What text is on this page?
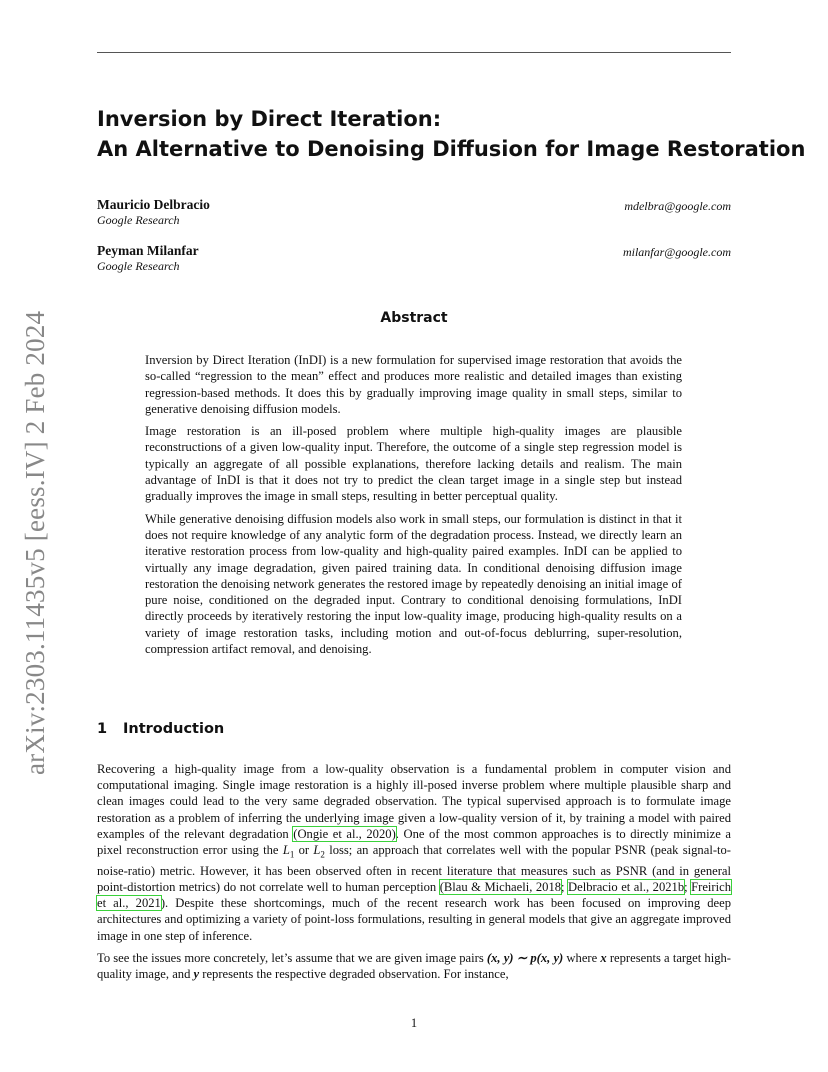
arXiv:2303.11435v5 [eess.IV] 2 Feb 2024
Inversion by Direct Iteration:
An Alternative to Denoising Diffusion for Image Restoration
Mauricio Delbracio
Google Research
mdelbra@google.com
Peyman Milanfar
Google Research
milanfar@google.com
Abstract

Inversion by Direct Iteration (InDI) is a new formulation for supervised image restoration that avoids the so-called “regression to the mean” effect and produces more realistic and detailed images than existing regression-based methods. It does this by gradually improving image quality in small steps, similar to generative denoising diffusion models.

Image restoration is an ill-posed problem where multiple high-quality images are plausible reconstructions of a given low-quality input. Therefore, the outcome of a single step regression model is typically an aggregate of all possible explanations, therefore lacking details and realism. The main advantage of InDI is that it does not try to predict the clean target image in a single step but instead gradually improves the image in small steps, resulting in better perceptual quality.

While generative denoising diffusion models also work in small steps, our formulation is distinct in that it does not require knowledge of any analytic form of the degradation process. Instead, we directly learn an iterative restoration process from low-quality and high-quality paired examples. InDI can be applied to virtually any image degradation, given paired training data. In conditional denoising diffusion image restoration the denoising network generates the restored image by repeatedly denoising an initial image of pure noise, conditioned on the degraded input. Contrary to conditional denoising formulations, InDI directly proceeds by iteratively restoring the input low-quality image, producing high-quality results on a variety of image restoration tasks, including motion and out-of-focus deblurring, super-resolution, compression artifact removal, and denoising.

1 Introduction

Recovering a high-quality image from a low-quality observation is a fundamental problem in computer vision and computational imaging. Single image restoration is a highly ill-posed inverse problem where multiple plausible sharp and clean images could lead to the very same degraded observation. The typical supervised approach is to formulate image restoration as a problem of inferring the underlying image given a low-quality version of it, by training a model with paired examples of the relevant degradation (Ongie et al., 2020). One of the most common approaches is to directly minimize a pixel reconstruction error using the $L_1$ or $L_2$ loss; an approach that correlates well with the popular PSNR (peak signal-to-noise-ratio) metric. However, it has been observed often in recent literature that measures such as PSNR (and in general point-distortion metrics) do not correlate well to human perception (Blau & Michaeli, 2018; Delbracio et al., 2021b; Freirich et al., 2021). Despite these shortcomings, much of the recent research work has been focused on improving deep architectures and optimizing a variety of point-loss formulations, resulting in general models that give an aggregate improved image in one step of inference.

To see the issues more concretely, let’s assume that we are given image pairs (x, y) ∼ p(x, y) where x represents a target high-quality image, and y represents the respective degraded observation. For instance,

1
